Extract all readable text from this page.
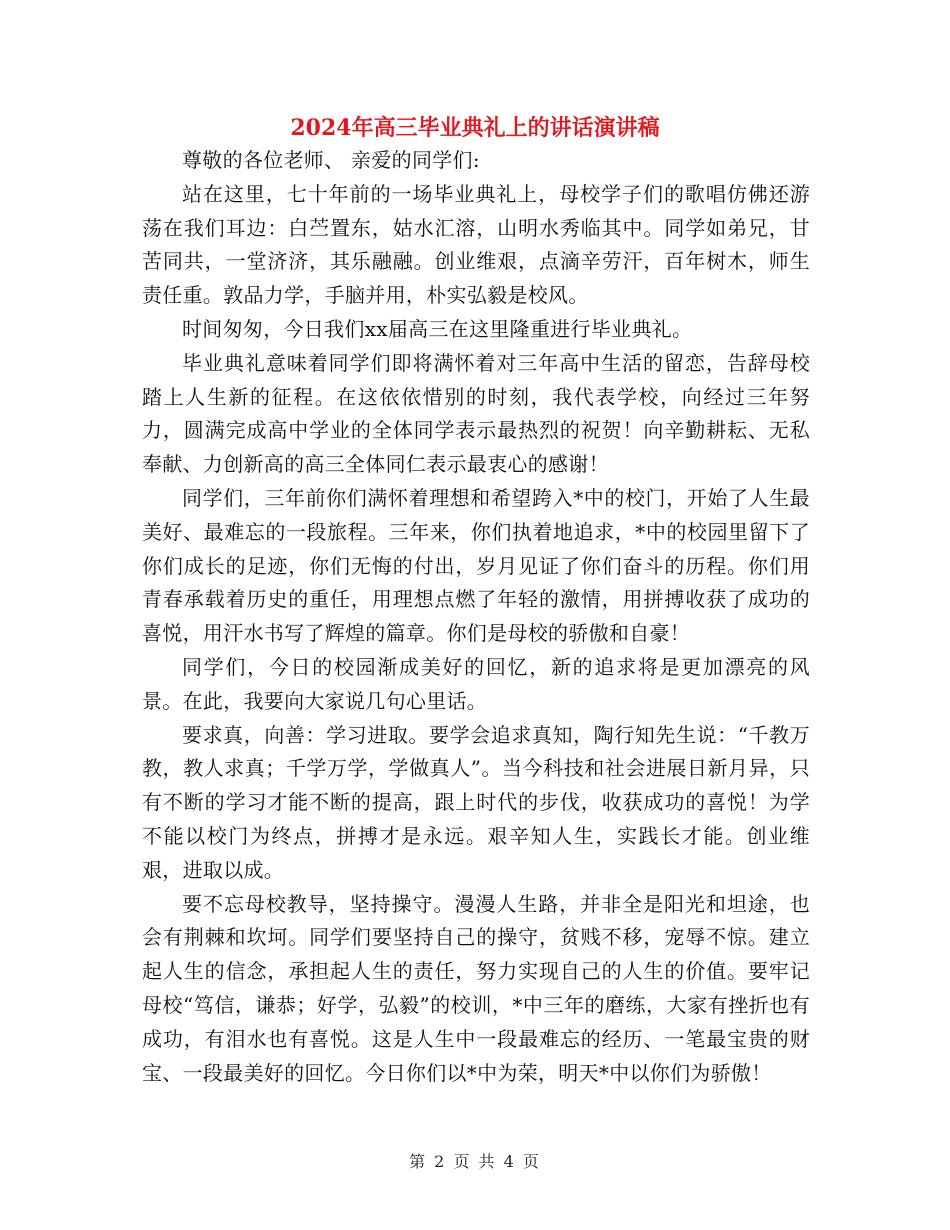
2024年高三毕业典礼上的讲话演讲稿

尊敬的各位老师、 亲爱的同学们:

站在这里，七十年前的一场毕业典礼上，母校学子们的歌唱仿佛还游荡在我们耳边：白苎置东，姑水汇溶，山明水秀临其中。同学如弟兄，甘苦同共，一堂济济，其乐融融。创业维艰，点滴辛劳汗，百年树木，师生责任重。敦品力学，手脑并用，朴实弘毅是校风。

时间匆匆，今日我们xx届高三在这里隆重进行毕业典礼。

毕业典礼意味着同学们即将满怀着对三年高中生活的留恋，告辞母校踏上人生新的征程。在这依依惜别的时刻，我代表学校，向经过三年努力，圆满完成高中学业的全体同学表示最热烈的祝贺！向辛勤耕耘、无私奉献、力创新高的高三全体同仁表示最衷心的感谢！

同学们，三年前你们满怀着理想和希望跨入*中的校门，开始了人生最美好、最难忘的一段旅程。三年来，你们执着地追求，*中的校园里留下了你们成长的足迹，你们无悔的付出，岁月见证了你们奋斗的历程。你们用青春承载着历史的重任，用理想点燃了年轻的激情，用拼搏收获了成功的喜悦，用汗水书写了辉煌的篇章。你们是母校的骄傲和自豪！

同学们，今日的校园渐成美好的回忆，新的追求将是更加漂亮的风景。在此，我要向大家说几句心里话。

要求真，向善：学习进取。要学会追求真知，陶行知先生说：“千教万教，教人求真；千学万学，学做真人”。当今科技和社会进展日新月异，只有不断的学习才能不断的提高，跟上时代的步伐，收获成功的喜悦！为学不能以校门为终点，拼搏才是永远。艰辛知人生，实践长才能。创业维艰，进取以成。

要不忘母校教导，坚持操守。漫漫人生路，并非全是阳光和坦途，也会有荆棘和坎坷。同学们要坚持自己的操守，贫贱不移，宠辱不惊。建立起人生的信念，承担起人生的责任，努力实现自己的人生的价值。要牢记母校“笃信，谦恭；好学，弘毅”的校训，*中三年的磨练，大家有挫折也有成功，有泪水也有喜悦。这是人生中一段最难忘的经历、一笔最宝贵的财宝、一段最美好的回忆。今日你们以*中为荣，明天*中以你们为骄傲！

第 2 页 共 4 页
